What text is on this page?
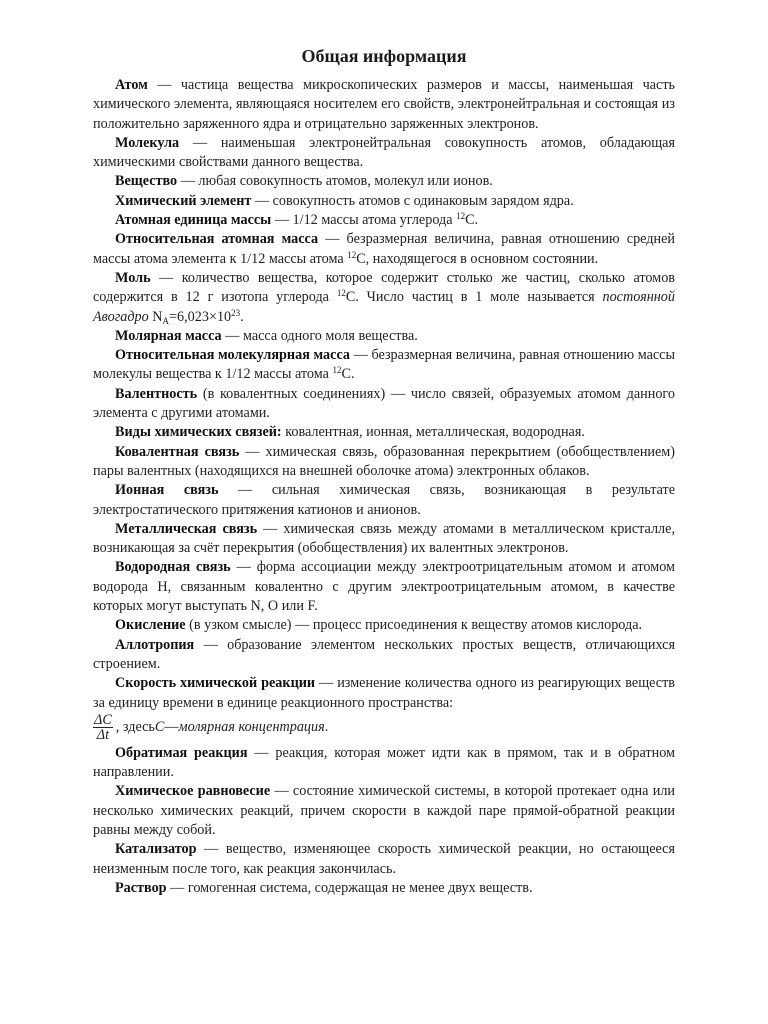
Общая информация

Атом — частица вещества микроскопических размеров и массы, наименьшая часть химического элемента, являющаяся носителем его свойств, электронейтральная и состоящая из положительно заряженного ядра и отрицательно заряженных электронов.

Молекула — наименьшая электронейтральная совокупность атомов, обладающая химическими свойствами данного вещества.

Вещество — любая совокупность атомов, молекул или ионов.

Химический элемент — совокупность атомов с одинаковым зарядом ядра.

Атомная единица массы — 1/12 массы атома углерода $^{12}$C.

Относительная атомная масса — безразмерная величина, равная отношению средней массы атома элемента к 1/12 массы атома $^{12}$C, находящегося в основном состоянии.

Моль — количество вещества, которое содержит столько же частиц, сколько атомов содержится в 12 г изотопа углерода $^{12}$C. Число частиц в 1 моле называется постоянной Авогадро $N_A=6,023\times 10^{23}$.

Молярная масса — масса одного моля вещества.

Относительная молекулярная масса — безразмерная величина, равная отношению массы молекулы вещества к 1/12 массы атома $^{12}$C.

Валентность (в ковалентных соединениях) — число связей, образуемых атомом данного элемента с другими атомами.

Виды химических связей: ковалентная, ионная, металлическая, водородная.

Ковалентная связь — химическая связь, образованная перекрытием (обобществлением) пары валентных (находящихся на внешней оболочке атома) электронных облаков.

Ионная связь — сильная химическая связь, возникающая в результате электростатического притяжения катионов и анионов.

Металлическая связь — химическая связь между атомами в металлическом кристалле, возникающая за счёт перекрытия (обобществления) их валентных электронов.

Водородная связь — форма ассоциации между электроотрицательным атомом и атомом водорода H, связанным ковалентно с другим электроотрицательным атомом, в качестве которых могут выступать N, O или F.

Окисление (в узком смысле) — процесс присоединения к веществу атомов кислорода.

Аллотропия — образование элементом нескольких простых веществ, отличающихся строением.

Скорость химической реакции — изменение количества одного из реагирующих веществ за единицу времени в единице реакционного пространства:

$\frac{\Delta C}{\Delta t}$ , здесь C — молярная концентрация .

Обратимая реакция — реакция, которая может идти как в прямом, так и в обратном направлении.

Химическое равновесие — состояние химической системы, в которой протекает одна или несколько химических реакций, причем скорости в каждой паре прямой-обратной реакции равны между собой.

Катализатор — вещество, изменяющее скорость химической реакции, но остающееся неизменным после того, как реакция закончилась.

Раствор — гомогенная система, содержащая не менее двух веществ.
